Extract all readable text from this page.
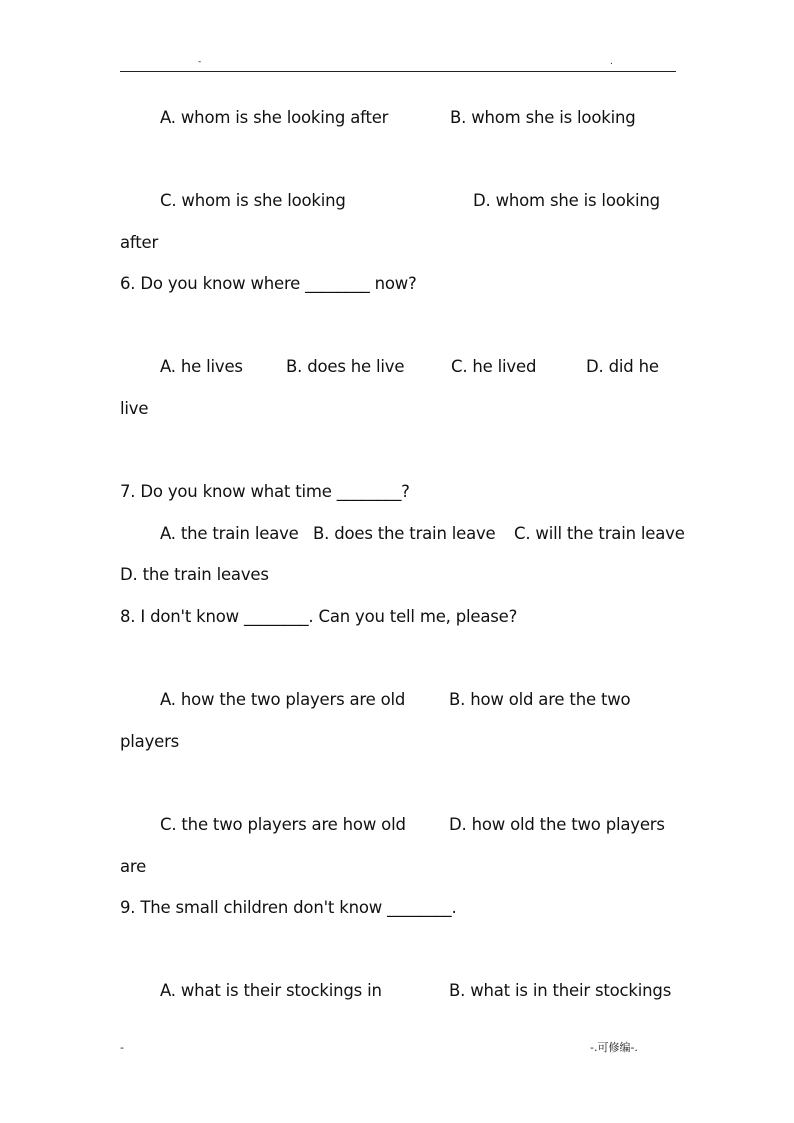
-	.
A. whom is she looking after	B. whom she is looking
C. whom is she looking	D. whom she is looking
after
6. Do you know where ________ now?
A. he lives	B. does he live	C. he lived	D. did he
live
7. Do you know what time ________?
A. the train leave B. does the train leave C. will the train leave
D. the train leaves
8. I don't know ________. Can you tell me, please?
A. how the two players are old	B. how old are the two
players
C. the two players are how old	D. how old the two players
are
9. The small children don't know ________.
A. what is their stockings in	B. what is in their stockings
-	-.可修编-.
